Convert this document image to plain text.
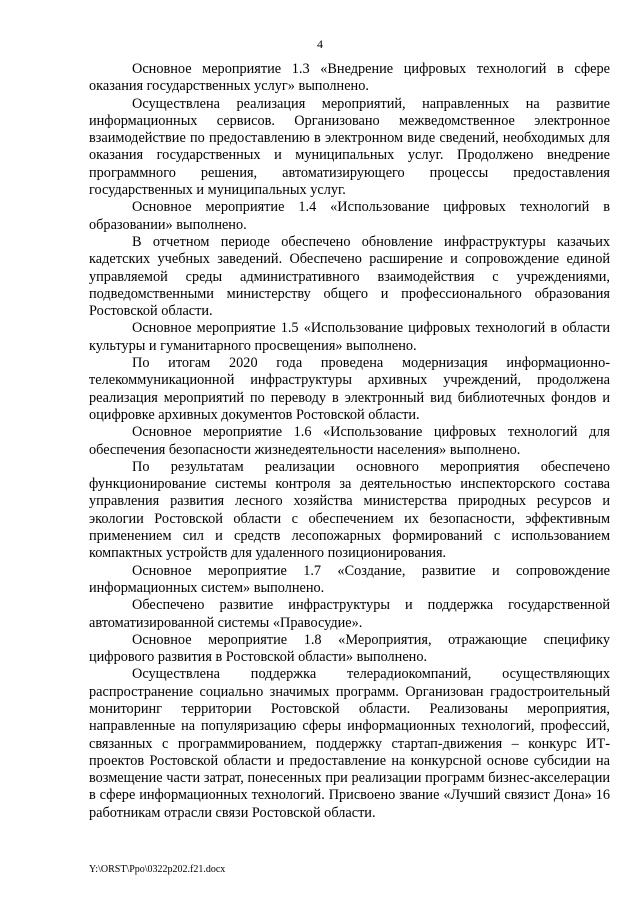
4

Основное мероприятие 1.3 «Внедрение цифровых технологий в сфере оказания государственных услуг» выполнено.

Осуществлена реализация мероприятий, направленных на развитие информационных сервисов. Организовано межведомственное электронное взаимодействие по предоставлению в электронном виде сведений, необходимых для оказания государственных и муниципальных услуг. Продолжено внедрение программного решения, автоматизирующего процессы предоставления государственных и муниципальных услуг.

Основное мероприятие 1.4 «Использование цифровых технологий в образовании» выполнено.

В отчетном периоде обеспечено обновление инфраструктуры казачьих кадетских учебных заведений. Обеспечено расширение и сопровождение единой управляемой среды административного взаимодействия с учреждениями, подведомственными министерству общего и профессионального образования Ростовской области.

Основное мероприятие 1.5 «Использование цифровых технологий в области культуры и гуманитарного просвещения» выполнено.

По итогам 2020 года проведена модернизация информационно-телекоммуникационной инфраструктуры архивных учреждений, продолжена реализация мероприятий по переводу в электронный вид библиотечных фондов и оцифровке архивных документов Ростовской области.

Основное мероприятие 1.6 «Использование цифровых технологий для обеспечения безопасности жизнедеятельности населения» выполнено.

По результатам реализации основного мероприятия обеспечено функционирование системы контроля за деятельностью инспекторского состава управления развития лесного хозяйства министерства природных ресурсов и экологии Ростовской области с обеспечением их безопасности, эффективным применением сил и средств лесопожарных формирований с использованием компактных устройств для удаленного позиционирования.

Основное мероприятие 1.7 «Создание, развитие и сопровождение информационных систем» выполнено.

Обеспечено развитие инфраструктуры и поддержка государственной автоматизированной системы «Правосудие».

Основное мероприятие 1.8 «Мероприятия, отражающие специфику цифрового развития в Ростовской области» выполнено.

Осуществлена поддержка телерадиокомпаний, осуществляющих распространение социально значимых программ. Организован градостроительный мониторинг территории Ростовской области. Реализованы мероприятия, направленные на популяризацию сферы информационных технологий, профессий, связанных с программированием, поддержку стартап-движения – конкурс ИТ-проектов Ростовской области и предоставление на конкурсной основе субсидии на возмещение части затрат, понесенных при реализации программ бизнес-акселерации в сфере информационных технологий. Присвоено звание «Лучший связист Дона» 16 работникам отрасли связи Ростовской области.

Y:\ORST\Ppo\0322p202.f21.docx
